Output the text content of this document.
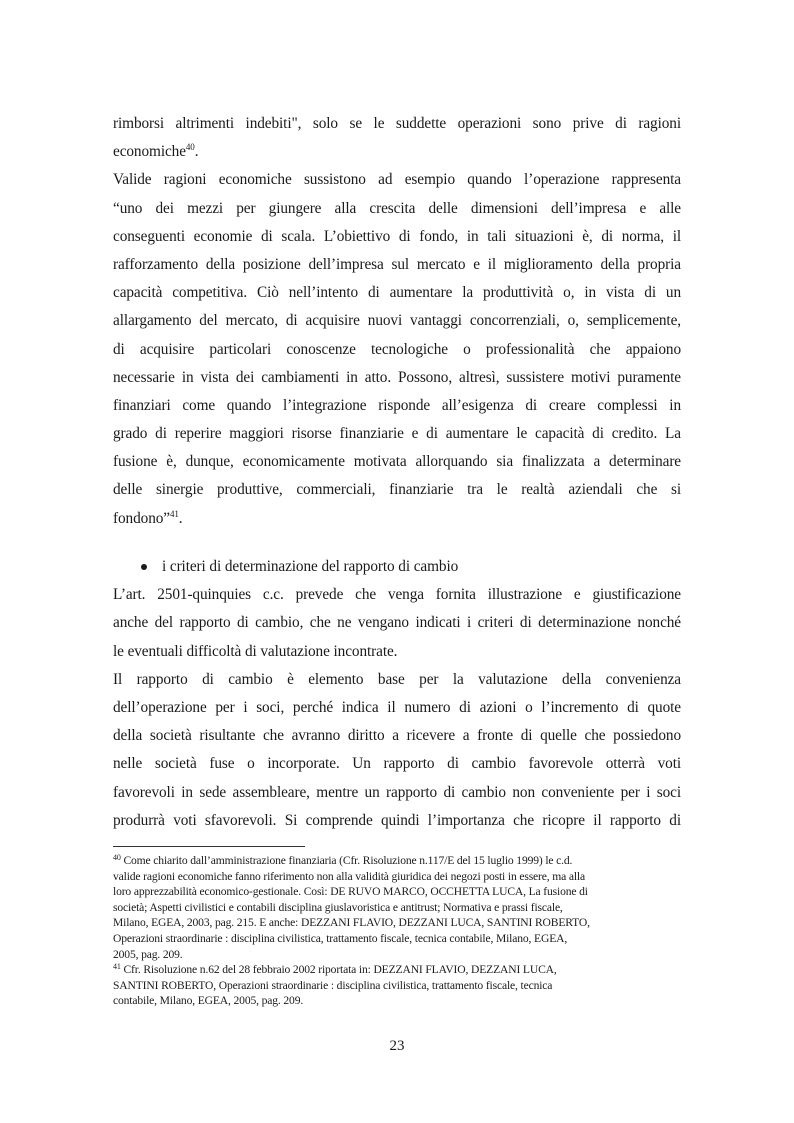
rimborsi altrimenti indebiti", solo se le suddette operazioni sono prive di ragioni
economiche$^{40}$.
Valide ragioni economiche sussistono ad esempio quando l’operazione rappresenta
“uno dei mezzi per giungere alla crescita delle dimensioni dell’impresa e alle
conseguenti economie di scala. L’obiettivo di fondo, in tali situazioni è, di norma, il
rafforzamento della posizione dell’impresa sul mercato e il miglioramento della propria
capacità competitiva. Ciò nell’intento di aumentare la produttività o, in vista di un
allargamento del mercato, di acquisire nuovi vantaggi concorrenziali, o, semplicemente,
di acquisire particolari conoscenze tecnologiche o professionalità che appaiono
necessarie in vista dei cambiamenti in atto. Possono, altresì, sussistere motivi puramente
finanziari come quando l’integrazione risponde all’esigenza di creare complessi in
grado di reperire maggiori risorse finanziarie e di aumentare le capacità di credito. La
fusione è, dunque, economicamente motivata allorquando sia finalizzata a determinare
delle sinergie produttive, commerciali, finanziarie tra le realtà aziendali che si
fondono”$^{41}$.
i criteri di determinazione del rapporto di cambio
L’art. 2501-quinquies c.c. prevede che venga fornita illustrazione e giustificazione
anche del rapporto di cambio, che ne vengano indicati i criteri di determinazione nonché
le eventuali difficoltà di valutazione incontrate.
Il rapporto di cambio è elemento base per la valutazione della convenienza
dell’operazione per i soci, perché indica il numero di azioni o l’incremento di quote
della società risultante che avranno diritto a ricevere a fronte di quelle che possiedono
nelle società fuse o incorporate. Un rapporto di cambio favorevole otterrà voti
favorevoli in sede assembleare, mentre un rapporto di cambio non conveniente per i soci
produrrà voti sfavorevoli. Si comprende quindi l’importanza che ricopre il rapporto di
$^{40}$ Come chiarito dall’amministrazione finanziaria (Cfr. Risoluzione n.117/E del 15 luglio 1999) le c.d.
valide ragioni economiche fanno riferimento non alla validità giuridica dei negozi posti in essere, ma alla
loro apprezzabilità economico-gestionale. Così: DE RUVO MARCO, OCCHETTA LUCA, La fusione di
società; Aspetti civilistici e contabili disciplina giuslavoristica e antitrust; Normativa e prassi fiscale,
Milano, EGEA, 2003, pag. 215. E anche: DEZZANI FLAVIO, DEZZANI LUCA, SANTINI ROBERTO,
Operazioni straordinarie : disciplina civilistica, trattamento fiscale, tecnica contabile, Milano, EGEA,
2005, pag. 209.
$^{41}$ Cfr. Risoluzione n.62 del 28 febbraio 2002 riportata in: DEZZANI FLAVIO, DEZZANI LUCA,
SANTINI ROBERTO, Operazioni straordinarie : disciplina civilistica, trattamento fiscale, tecnica
contabile, Milano, EGEA, 2005, pag. 209.
23
